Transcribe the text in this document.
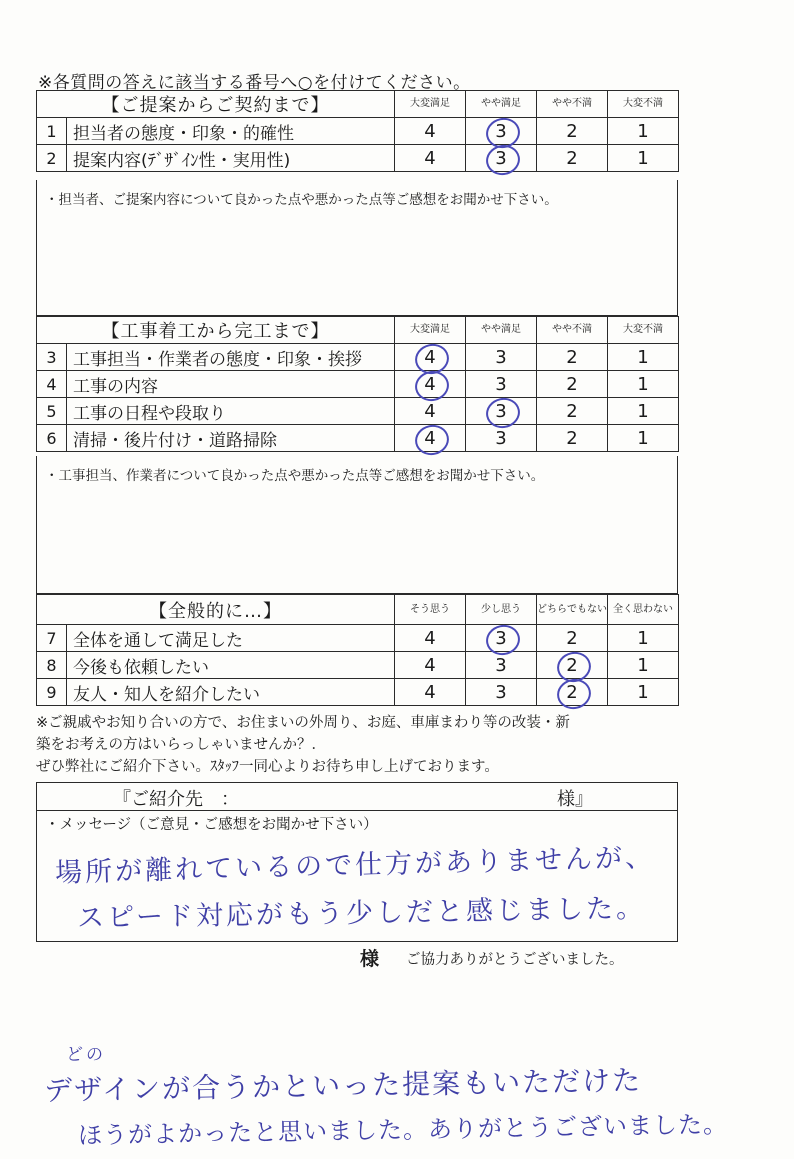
※各質問の答えに該当する番号へ○を付けてください。
【ご提案からご契約まで】		大変満足	やや満足	やや不満	大変不満
1	担当者の態度・印象・的確性	4	3	2	1
2	提案内容(ﾃﾞｻﾞｲﾝ性・実用性)	4	3	2	1
・担当者、ご提案内容について良かった点や悪かった点等ご感想をお聞かせ下さい。
【工事着工から完工まで】		大変満足	やや満足	やや不満	大変不満
3	工事担当・作業者の態度・印象・挨拶	4	3	2	1
4	工事の内容	4	3	2	1
5	工事の日程や段取り	4	3	2	1
6	清掃・後片付け・道路掃除	4	3	2	1
・工事担当、作業者について良かった点や悪かった点等ご感想をお聞かせ下さい。
【全般的に…】		そう思う	少し思う	どちらでもない	全く思わない
7	全体を通して満足した	4	3	2	1
8	今後も依頼したい	4	3	2	1
9	友人・知人を紹介したい	4	3	2	1
※ご親戚やお知り合いの方で、お住まいの外周り、お庭、車庫まわり等の改装・新
築をお考えの方はいらっしゃいませんか？．
ぜひ弊社にご紹介下さい。ｽﾀｯﾌ一同心よりお待ち申し上げております。
『ご紹介先　：	様』
・メッセージ（ご意見・ご感想をお聞かせ下さい）
場所が離れているので仕方がありませんが、
スピード対応がもう少しだと感じました。
様 ご協力ありがとうございました。
どの
デザインが合うかといった提案もいただけた
ほうがよかったと思いました。ありがとうございました。
